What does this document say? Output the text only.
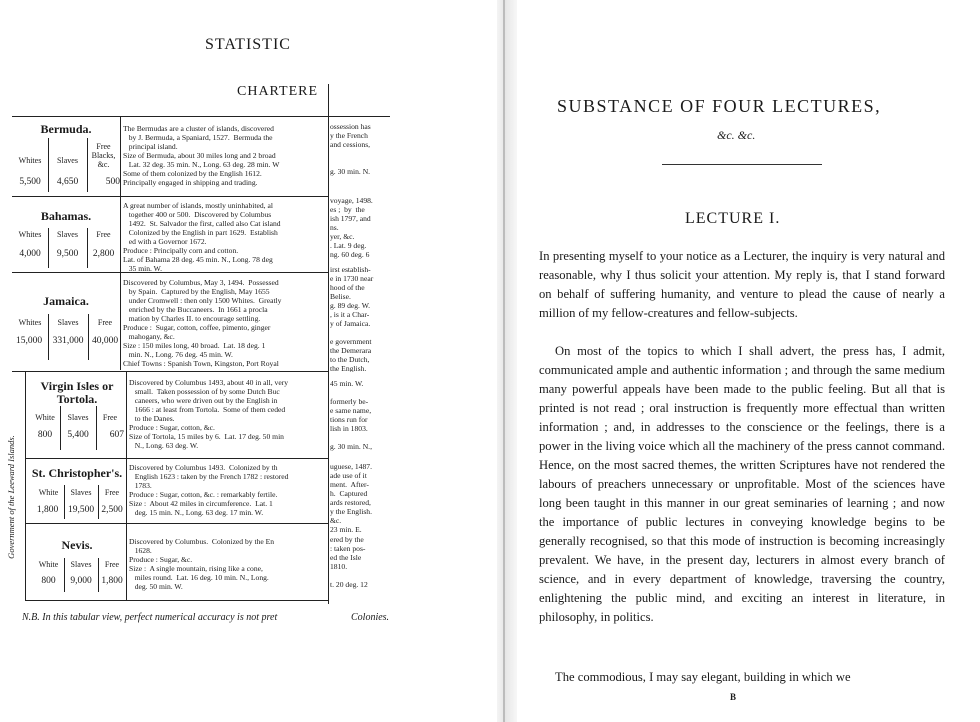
STATISTIC
CHARTERE
Government of the Leeward Islands.
Bermuda.
Whites	Slaves
Free
Blacks,
&c.
5,500	4,650	500
The Bermudas are a cluster of islands, discovered
by J. Bermuda, a Spaniard, 1527.  Bermuda the
principal island.
Size of Bermuda, about 30 miles long and 2 broad
Lat. 32 deg. 35 min. N., Long. 63 deg. 28 min. W
Some of them colonized by the English 1612.
Principally engaged in shipping and trading.
ossession has
y the French
and cessions,

g. 30 min. N.
Bahamas.
Whites	Slaves	Free
4,000	9,500	2,800
A great number of islands, mostly uninhabited, al
together 400 or 500.  Discovered by Columbus
1492.  St. Salvador the first, called also Cat island
Colonized by the English in part 1629.  Establish
ed with a Governor 1672.
Produce : Principally corn and cotton.
Lat. of Bahama 28 deg. 45 min. N., Long. 78 deg
35 min. W.
voyage, 1498.
es ;  by  the
ish 1797, and
ns.
yer, &c.
. Lat. 9 deg.
ng. 60 deg. 6
Jamaica.
Whites	Slaves	Free
15,000	331,000 40,000
Discovered by Columbus, May 3, 1494.  Possessed
by Spain.  Captured by the English, May 1655
under Cromwell : then only 1500 Whites.  Greatly
enriched by the Buccaneers.  In 1661 a procla
mation by Charles II. to encourage settling.
Produce :  Sugar, cotton, coffee, pimento, ginger
mahogany, &c.
Size : 150 miles long, 40 broad.  Lat. 18 deg. 1
min. N., Long. 76 deg. 45 min. W.
Chief Towns : Spanish Town, Kingston, Port Royal
irst establish-
e in 1730 near
hood of the
Belise.
g. 89 deg. W.
, is it a Char-
y of Jamaica.

e government
the Demerara
to the Dutch,
the English.

Virgin Isles or
Tortola.
White	Slaves	Free
800	5,400	607
Discovered by Columbus 1493, about 40 in all, very
small.  Taken possession of by some Dutch Buc
caneers, who were driven out by the English in
1666 : at least from Tortola.  Some of them ceded
to the Danes.
Produce : Sugar, cotton, &c.
Size of Tortola, 15 miles by 6.  Lat. 17 deg. 50 min
N., Long. 63 deg. W.
45 min. W.

formerly be-
e same name,
tions run for
lish in 1803.

g. 30 min. N.,
St. Christopher's.
White	Slaves	Free
1,800	19,500 2,500
Discovered by Columbus 1493.  Colonized by th
English 1623 : taken by the French 1782 : restored
1783.
Produce : Sugar, cotton, &c. : remarkably fertile.
Size :  About 42 miles in circumference.  Lat. 1
deg. 15 min. N., Long. 63 deg. 17 min. W.
uguese, 1487.
ade use of it
ment.  After-
h.  Captured
ards restored,
y the English.
&c.
23 min. E.
Nevis.
White	Slaves	Free
800	9,000	1,800
Discovered by Columbus.  Colonized by the En
1628.
Produce : Sugar, &c.
Size :  A single mountain, rising like a cone,
miles round.  Lat. 16 deg. 10 min. N., Long.
deg. 50 min. W.
ered by the
: taken pos-
ed the Isle
1810.

t. 20 deg. 12
N.B. In this tabular view, perfect numerical accuracy is not pret	Colonies.
SUBSTANCE OF FOUR LECTURES,
&c. &c.
LECTURE I.
In presenting myself to your notice as a Lecturer, the inquiry is very natural and reasonable, why I thus solicit your attention. My reply is, that I stand forward on behalf of suffering humanity, and venture to plead the cause of nearly a million of my fellow-creatures and fellow-subjects.
On most of the topics to which I shall advert, the press has, I admit, communicated ample and authentic information ; and through the same medium many powerful appeals have been made to the public feeling. But all that is printed is not read ; oral instruction is frequently more effectual than written information ; and, in addresses to the conscience or the feelings, there is a power in the living voice which all the machinery of the press cannot command. Hence, on the most sacred themes, the written Scriptures have not rendered the labours of preachers unnecessary or unprofitable. Most of the sciences have long been taught in this manner in our great seminaries of learning ; and now the importance of public lectures in conveying knowledge begins to be generally recognised, so that this mode of instruction is becoming increasingly prevalent. We have, in the present day, lecturers in almost every branch of science, and in every department of knowledge, traversing the country, enlightening the public mind, and exciting an interest in literature, in philosophy, in politics.
The commodious, I may say elegant, building in which we
B
